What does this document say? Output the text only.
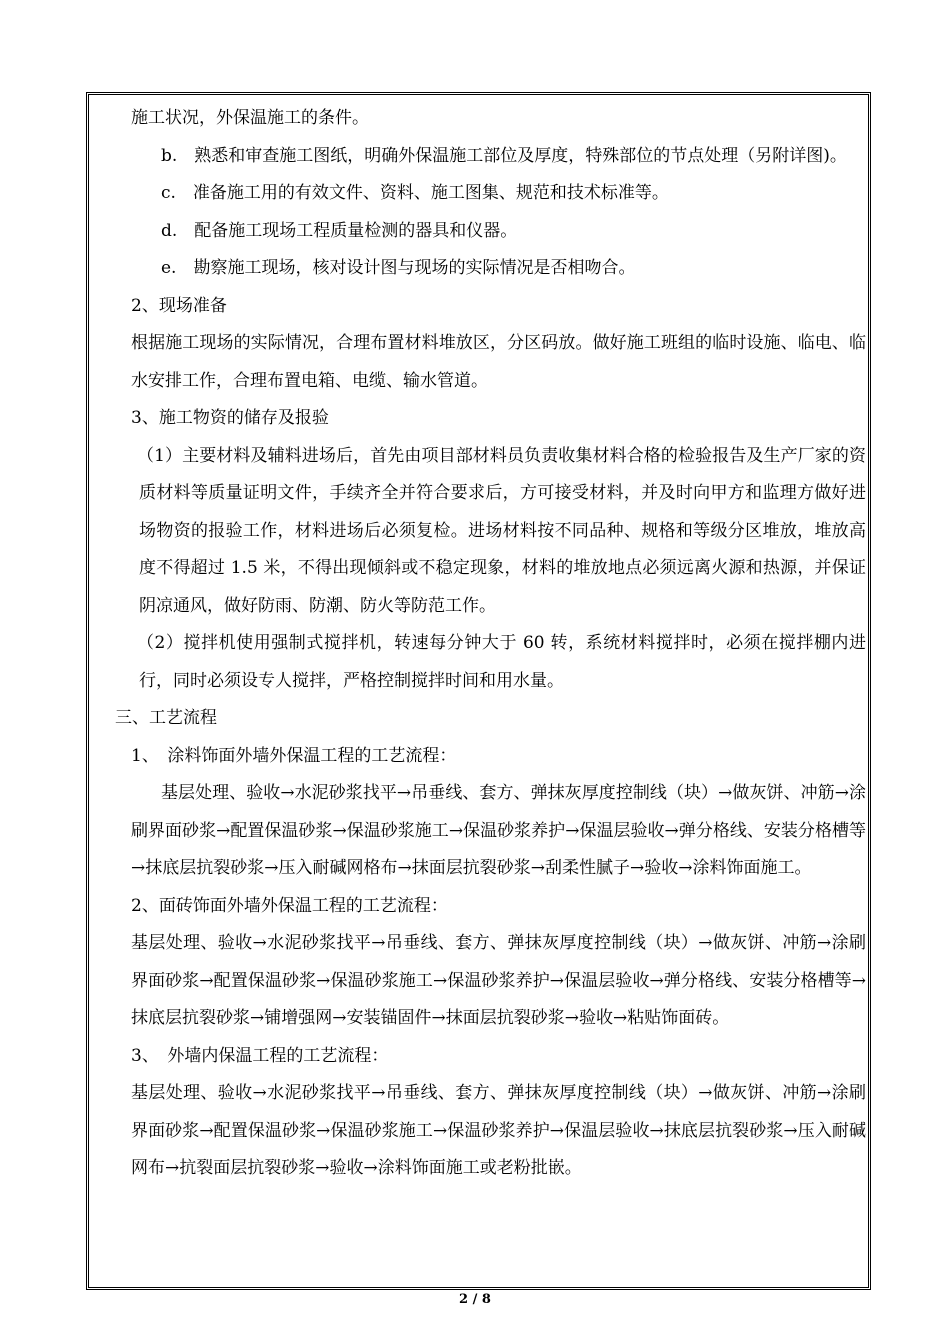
施工状况，外保温施工的条件。

b.　熟悉和审查施工图纸，明确外保温施工部位及厚度，特殊部位的节点处理（另附详图)。

c.　准备施工用的有效文件、资料、施工图集、规范和技术标准等。

d.　配备施工现场工程质量检测的器具和仪器。

e.　勘察施工现场，核对设计图与现场的实际情况是否相吻合。

2、现场准备

根据施工现场的实际情况，合理布置材料堆放区，分区码放。做好施工班组的临时设施、临电、临水安排工作，合理布置电箱、电缆、输水管道。

3、施工物资的储存及报验

（1）主要材料及辅料进场后，首先由项目部材料员负责收集材料合格的检验报告及生产厂家的资质材料等质量证明文件，手续齐全并符合要求后，方可接受材料，并及时向甲方和监理方做好进场物资的报验工作，材料进场后必须复检。进场材料按不同品种、规格和等级分区堆放，堆放高度不得超过 1.5 米，不得出现倾斜或不稳定现象，材料的堆放地点必须远离火源和热源，并保证阴凉通风，做好防雨、防潮、防火等防范工作。

（2）搅拌机使用强制式搅拌机，转速每分钟大于 60 转，系统材料搅拌时，必须在搅拌棚内进行，同时必须设专人搅拌，严格控制搅拌时间和用水量。

三、工艺流程

1、　涂料饰面外墙外保温工程的工艺流程：

基层处理、验收→水泥砂浆找平→吊垂线、套方、弹抹灰厚度控制线（块）→做灰饼、冲筋→涂刷界面砂浆→配置保温砂浆→保温砂浆施工→保温砂浆养护→保温层验收→弹分格线、安装分格槽等→抹底层抗裂砂浆→压入耐碱网格布→抹面层抗裂砂浆→刮柔性腻子→验收→涂料饰面施工。

2、面砖饰面外墙外保温工程的工艺流程：

基层处理、验收→水泥砂浆找平→吊垂线、套方、弹抹灰厚度控制线（块）→做灰饼、冲筋→涂刷界面砂浆→配置保温砂浆→保温砂浆施工→保温砂浆养护→保温层验收→弹分格线、安装分格槽等→抹底层抗裂砂浆→铺增强网→安装锚固件→抹面层抗裂砂浆→验收→粘贴饰面砖。

3、　外墙内保温工程的工艺流程：

基层处理、验收→水泥砂浆找平→吊垂线、套方、弹抹灰厚度控制线（块）→做灰饼、冲筋→涂刷界面砂浆→配置保温砂浆→保温砂浆施工→保温砂浆养护→保温层验收→抹底层抗裂砂浆→压入耐碱网布→抗裂面层抗裂砂浆→验收→涂料饰面施工或老粉批嵌。

2 / 8
